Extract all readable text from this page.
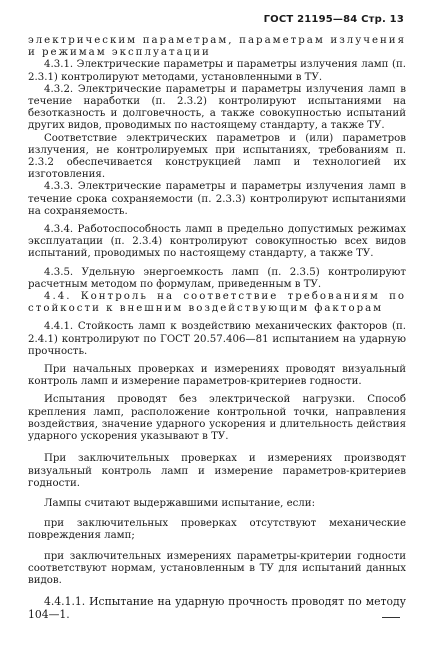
ГОСТ 21195—84 Стр. 13

электрическим параметрам, параметрам излучения и режимам эксплуатации

4.3.1. Электрические параметры и параметры излучения ламп (п. 2.3.1) контролируют методами, установленными в ТУ.

4.3.2. Электрические параметры и параметры излучения ламп в течение наработки (п. 2.3.2) контролируют испытаниями на безотказность и долговечность, а также совокупностью испытаний других видов, проводимых по настоящему стандарту, а также ТУ.

Соответствие электрических параметров и (или) параметров излучения, не контролируемых при испытаниях, требованиям п. 2.3.2 обеспечивается конструкцией ламп и технологией их изготовления.

4.3.3. Электрические параметры и параметры излучения ламп в течение срока сохраняемости (п. 2.3.3) контролируют испытаниями на сохраняемость.

4.3.4. Работоспособность ламп в предельно допустимых режимах эксплуатации (п. 2.3.4) контролируют совокупностью всех видов испытаний, проводимых по настоящему стандарту, а также ТУ.

4.3.5. Удельную энергоемкость ламп (п. 2.3.5) контролируют расчетным методом по формулам, приведенным в ТУ.

4.4. Контроль на соответствие требованиям по стойкости к внешним воздействующим факторам

4.4.1. Стойкость ламп к воздействию механических факторов (п. 2.4.1) контролируют по ГОСТ 20.57.406—81 испытанием на ударную прочность.

При начальных проверках и измерениях проводят визуальный контроль ламп и измерение параметров-критериев годности.

Испытания проводят без электрической нагрузки. Способ крепления ламп, расположение контрольной точки, направления воздействия, значение ударного ускорения и длительность действия ударного ускорения указывают в ТУ.

При заключительных проверках и измерениях производят визуальный контроль ламп и измерение параметров-критериев годности.

Лампы считают выдержавшими испытание, если:

при заключительных проверках отсутствуют механические повреждения ламп;

при заключительных измерениях параметры-критерии годности соответствуют нормам, установленным в ТУ для испытаний данных видов.

4.4.1.1. Испытание на ударную прочность проводят по методу 104—1.
